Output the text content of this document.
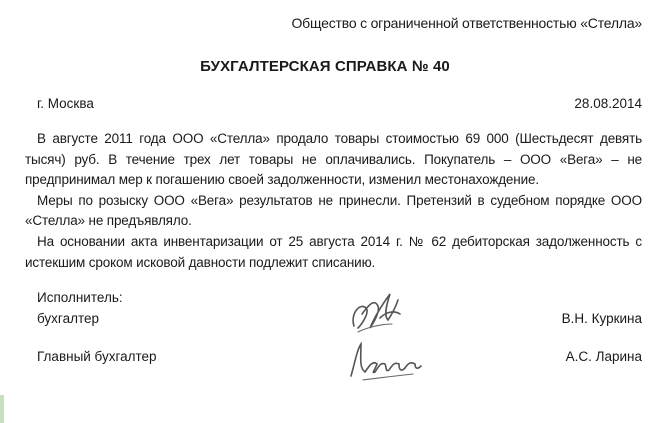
Общество с ограниченной ответственностью «Стелла»
БУХГАЛТЕРСКАЯ СПРАВКА № 40
г. Москва	28.08.2014

В августе 2011 года ООО «Стелла» продало товары стоимостью 69 000 (Шестьдесят девять тысяч) руб. В течение трех лет товары не оплачивались. Покупатель – ООО «Вега» – не предпринимал мер к погашению своей задолженности, изменил местонахождение.

Меры по розыску ООО «Вега» результатов не принесли. Претензий в судебном порядке ООО «Стелла» не предъявляло.

На основании акта инвентаризации от 25 августа 2014 г. № 62 дебиторская задолженность с истекшим сроком исковой давности подлежит списанию.

Исполнитель:
бухгалтер	В.Н. Куркина
Главный бухгалтер	А.С. Ларина
